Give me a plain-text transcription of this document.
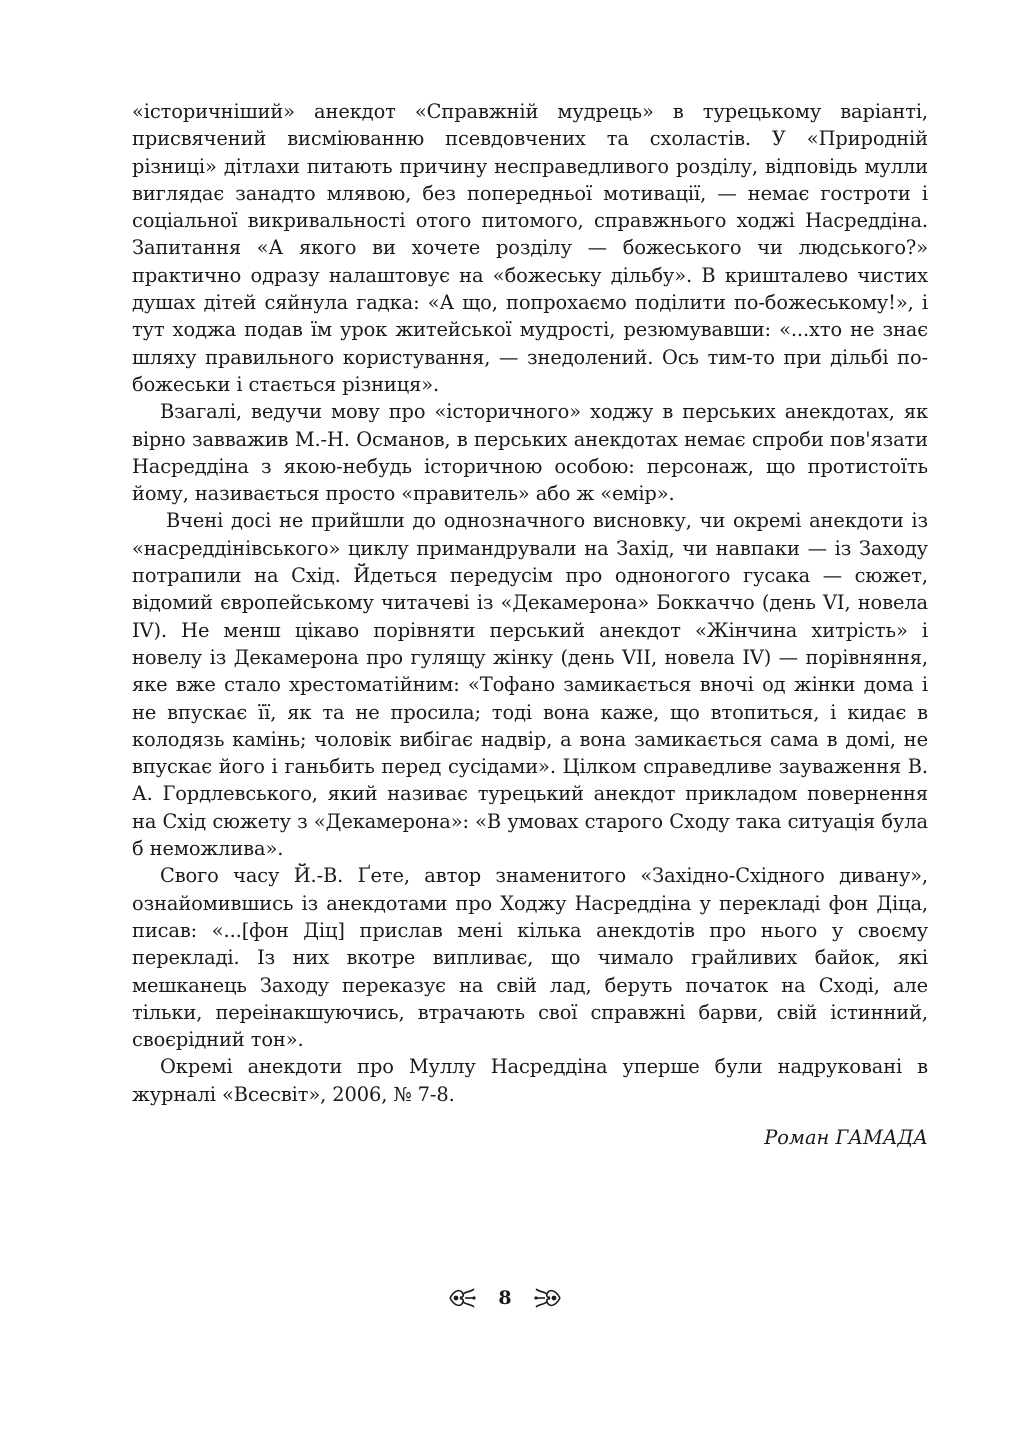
«історичніший» анекдот «Справжній мудрець» в турецькому варіанті, присвячений висміюванню псевдовчених та схоластів. У «Природній різниці» дітлахи питають причину несправедливого розділу, відповідь мулли виглядає занадто млявою, без попередньої мотивації, — немає гостроти і соціальної викривальності отого питомого, справжнього ходжі Насреддіна. Запитання «А якого ви хочете розділу — божеського чи людського?» практично одразу налаштовує на «божеську дільбу». В кришталево чистих душах дітей сяйнула гадка: «А що, попрохаємо поділити по-божеському!», і тут ходжа подав їм урок житейської мудрості, резюмувавши: «...хто не знає шляху правильного користування, — знедолений. Ось тим-то при дільбі по-божеськи і стається різниця».

Взагалі, ведучи мову про «історичного» ходжу в перських анекдотах, як вірно завважив М.-Н. Османов, в перських анекдотах немає спроби пов'язати Насреддіна з якою-небудь історичною особою: персонаж, що протистоїть йому, називається просто «правитель» або ж «емір».

Вчені досі не прийшли до однозначного висновку, чи окремі анекдоти із «насреддінівського» циклу примандрували на Захід, чи навпаки — із Заходу потрапили на Схід. Йдеться передусім про одноногого гусака — сюжет, відомий європейському читачеві із «Декамерона» Боккаччо (день VI, новела IV). Не менш цікаво порівняти перський анекдот «Жінчина хитрість» і новелу із Декамерона про гулящу жінку (день VII, новела IV) — порівняння, яке вже стало хрестоматійним: «Тофано замикається вночі од жінки дома і не впускає її, як та не просила; тоді вона каже, що втопиться, і кидає в колодязь камінь; чоловік вибігає надвір, а вона замикається сама в домі, не впускає його і ганьбить перед сусідами». Цілком справедливе зауваження В. А. Гордлевського, який називає турецький анекдот прикладом повернення на Схід сюжету з «Декамерона»: «В умовах старого Сходу така ситуація була б неможлива».

Свого часу Й.-В. Ґете, автор знаменитого «Західно-Східного дивану», ознайомившись із анекдотами про Ходжу Насреддіна у перекладі фон Діца, писав: «...[фон Діц] прислав мені кілька анекдотів про нього у своєму перекладі. Із них вкотре випливає, що чимало грайливих байок, які мешканець Заходу переказує на свій лад, беруть початок на Сході, але тільки, переінакшуючись, втрачають свої справжні барви, свій істинний, своєрідний тон».

Окремі анекдоти про Муллу Насреддіна уперше були надруковані в журналі «Всесвіт», 2006, № 7-8.

Роман ГАМАДА
8
